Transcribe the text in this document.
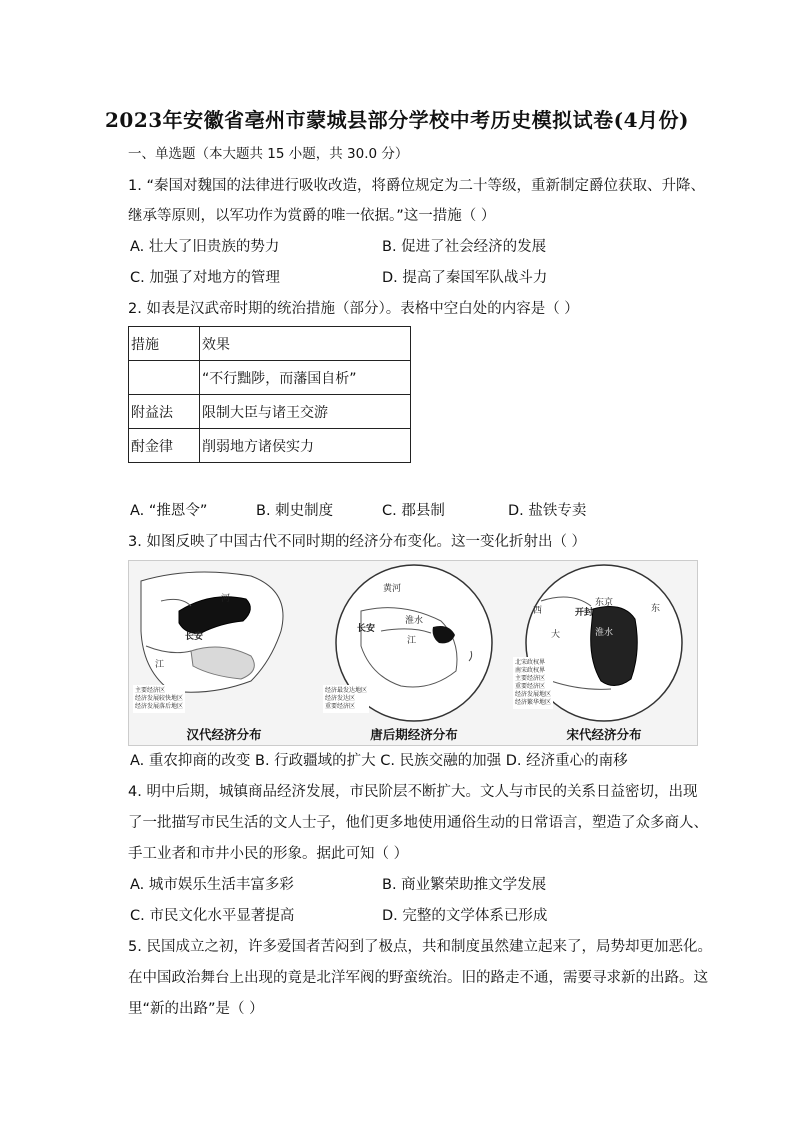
2023年安徽省亳州市蒙城县部分学校中考历史模拟试卷(4月份)
一、单选题（本大题共 15 小题，共 30.0 分）
1. “秦国对魏国的法律进行吸收改造，将爵位规定为二十等级，重新制定爵位获取、升降、
继承等原则，以军功作为赏爵的唯一依据。”这一措施（ ）
A. 壮大了旧贵族的势力	B. 促进了社会经济的发展
C. 加强了对地方的管理	D. 提高了秦国军队战斗力
2. 如表是汉武帝时期的统治措施（部分）。表格中空白处的内容是（ ）
措施	效果
	“不行黜陟，而藩国自析”
附益法	限制大臣与诸王交游
酎金律	削弱地方诸侯实力
A. “推恩令”	B. 刺史制度	C. 郡县制	D. 盐铁专卖
3. 如图反映了中国古代不同时期的经济分布变化。这一变化折射出（ ）
长安
江
河
主要经济区
经济发展较快地区
经济发展落后地区
汉代经济分布
长安
淮水
江
黄河
经济最发达地区
经济发达区
重要经济区
唐后期经济分布
开封
东京
大	淮水
西	东
北宋政权界
南宋政权界
主要经济区
重要经济区
经济发展地区
经济繁华地区
宋代经济分布
A. 重农抑商的改变 B. 行政疆域的扩大 C. 民族交融的加强 D. 经济重心的南移
4. 明中后期，城镇商品经济发展，市民阶层不断扩大。文人与市民的关系日益密切，出现
了一批描写市民生活的文人士子，他们更多地使用通俗生动的日常语言，塑造了众多商人、
手工业者和市井小民的形象。据此可知（ ）
A. 城市娱乐生活丰富多彩	B. 商业繁荣助推文学发展
C. 市民文化水平显著提高	D. 完整的文学体系已形成
5. 民国成立之初，许多爱国者苦闷到了极点，共和制度虽然建立起来了，局势却更加恶化。
在中国政治舞台上出现的竟是北洋军阀的野蛮统治。旧的路走不通，需要寻求新的出路。这
里“新的出路”是（ ）
